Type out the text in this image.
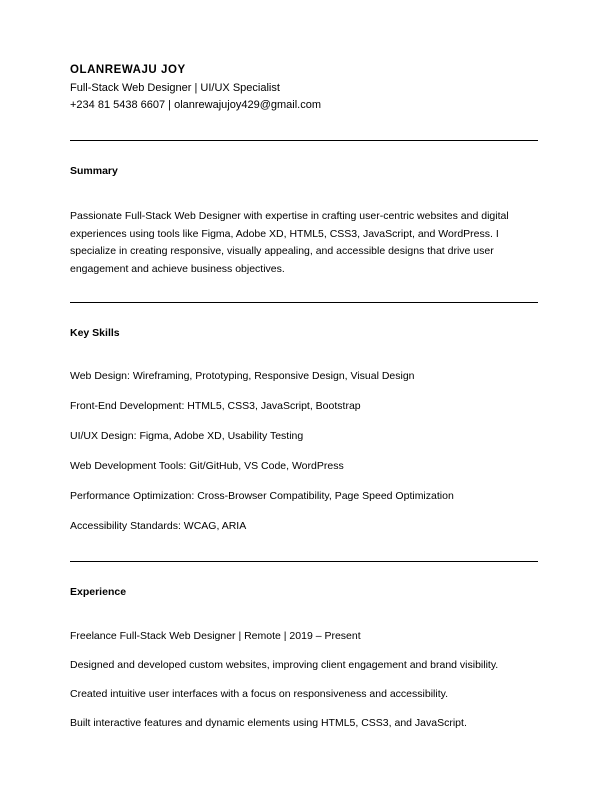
OLANREWAJU JOY
Full-Stack Web Designer | UI/UX Specialist
+234 81 5438 6607 | olanrewajujoy429@gmail.com
Summary

Passionate Full-Stack Web Designer with expertise in crafting user-centric websites and digital experiences using tools like Figma, Adobe XD, HTML5, CSS3, JavaScript, and WordPress. I specialize in creating responsive, visually appealing, and accessible designs that drive user engagement and achieve business objectives.

Key Skills
Web Design: Wireframing, Prototyping, Responsive Design, Visual Design
Front-End Development: HTML5, CSS3, JavaScript, Bootstrap
UI/UX Design: Figma, Adobe XD, Usability Testing
Web Development Tools: Git/GitHub, VS Code, WordPress
Performance Optimization: Cross-Browser Compatibility, Page Speed Optimization
Accessibility Standards: WCAG, ARIA
Experience
Freelance Full-Stack Web Designer | Remote | 2019 – Present
Designed and developed custom websites, improving client engagement and brand visibility.
Created intuitive user interfaces with a focus on responsiveness and accessibility.
Built interactive features and dynamic elements using HTML5, CSS3, and JavaScript.
